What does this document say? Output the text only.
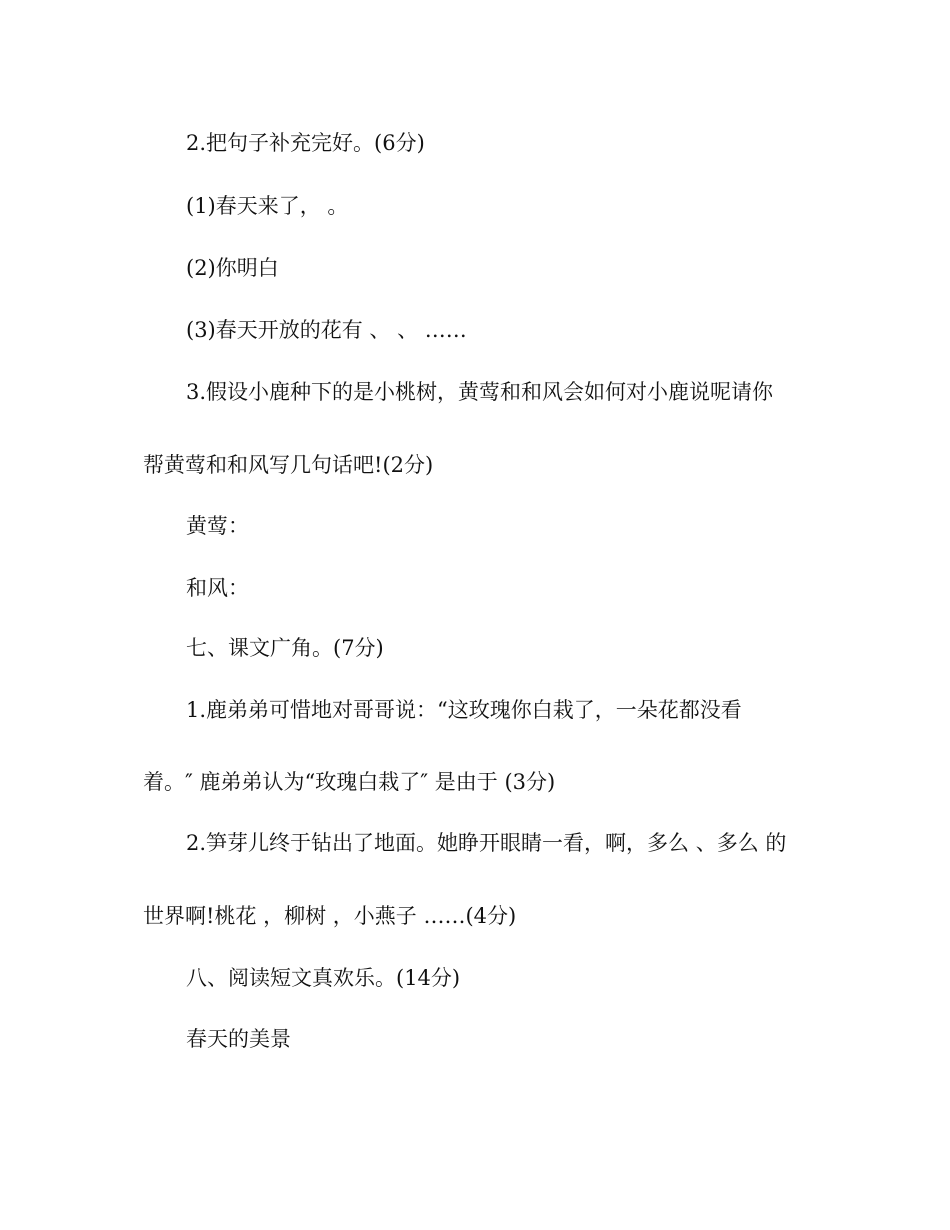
2.把句子补充完好。(6分)

(1)春天来了， 。

(2)你明白

(3)春天开放的花有 、 、 ……

3.假设小鹿种下的是小桃树，黄莺和和风会如何对小鹿说呢请你

帮黄莺和和风写几句话吧!(2分)

黄莺：

和风：

七、课文广角。(7分)

1.鹿弟弟可惜地对哥哥说：“这玫瑰你白栽了，一朵花都没看

着。″ 鹿弟弟认为“玫瑰白栽了″ 是由于 (3分)

2.笋芽儿终于钻出了地面。她睁开眼睛一看，啊，多么 、多么 的

世界啊!桃花 ，柳树 ，小燕子 ……(4分)

八、阅读短文真欢乐。(14分)

春天的美景
